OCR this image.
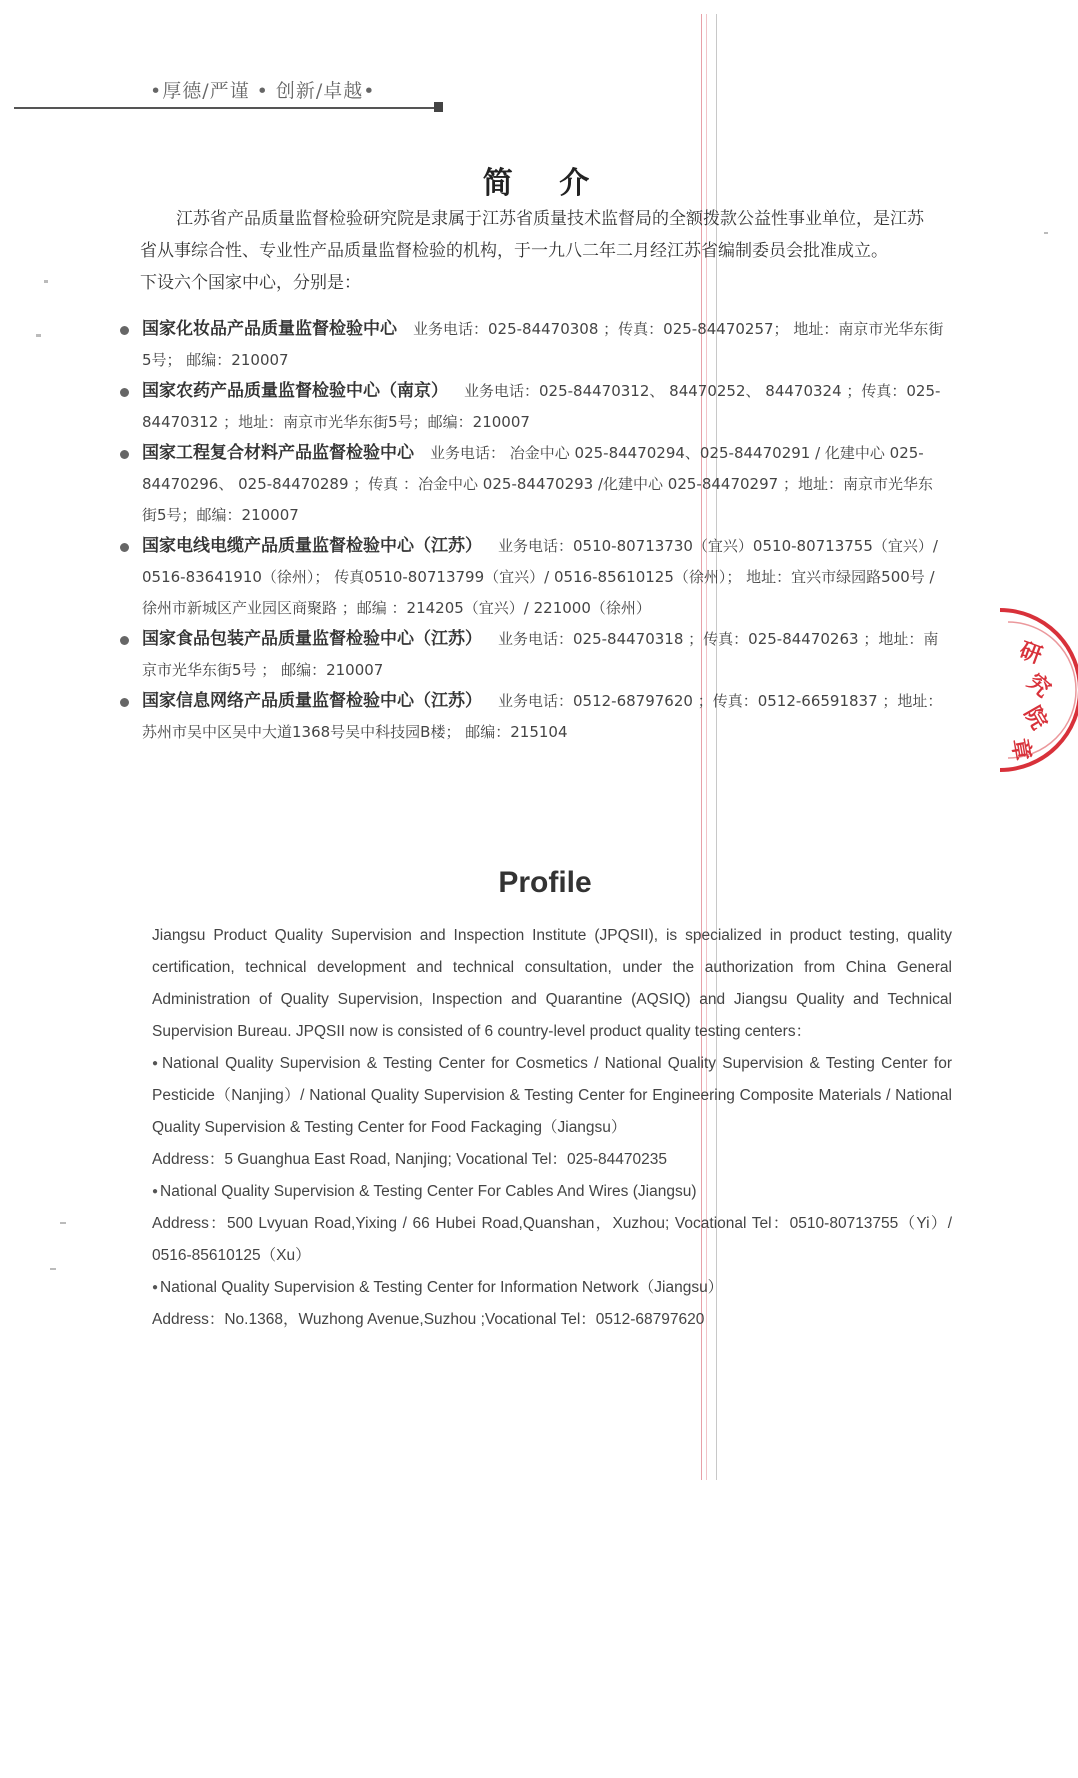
•厚德/严谨 • 创新/卓越•
简 介

江苏省产品质量监督检验研究院是隶属于江苏省质量技术监督局的全额拨款公益性事业单位，是江苏省从事综合性、专业性产品质量监督检验的机构，于一九八二年二月经江苏省编制委员会批准成立。

下设六个国家中心，分别是：

国家化妆品产品质量监督检验中心 业务电话：025-84470308 ；传真：025-84470257； 地址：南京市光华东街5号； 邮编：210007
国家农药产品质量监督检验中心（南京） 业务电话：025-84470312、 84470252、 84470324 ；传真：025-84470312 ；地址：南京市光华东街5号；邮编：210007
国家工程复合材料产品监督检验中心 业务电话： 冶金中心 025-84470294、025-84470291 / 化建中心 025-84470296、 025-84470289 ；传真 ：冶金中心 025-84470293 /化建中心 025-84470297 ；地址：南京市光华东街5号；邮编：210007
国家电线电缆产品质量监督检验中心（江苏） 业务电话：0510-80713730（宜兴）0510-80713755（宜兴）/ 0516-83641910（徐州）； 传真0510-80713799（宜兴）/ 0516-85610125（徐州）； 地址：宜兴市绿园路500号 / 徐州市新城区产业园区商聚路 ；邮编 ：214205（宜兴）/ 221000（徐州）
国家食品包装产品质量监督检验中心（江苏） 业务电话：025-84470318 ；传真：025-84470263 ；地址：南京市光华东街5号 ； 邮编：210007
国家信息网络产品质量监督检验中心（江苏） 业务电话：0512-68797620 ；传真：0512-66591837 ；地址：苏州市吴中区吴中大道1368号吴中科技园B楼； 邮编：215104
研
究
院
章
Profile

Jiangsu Product Quality Supervision and Inspection Institute (JPQSII), is specialized in product testing, quality certification, technical development and technical consultation, under the authorization from China General Administration of Quality Supervision, Inspection and Quarantine (AQSIQ) and Jiangsu Quality and Technical Supervision Bureau. JPQSII now is consisted of 6 country-level product quality testing centers：

● National Quality Supervision & Testing Center for Cosmetics / National Quality Supervision & Testing Center for Pesticide（Nanjing）/ National Quality Supervision & Testing Center for Engineering Composite Materials / National Quality Supervision & Testing Center for Food Fackaging（Jiangsu）

Address：5 Guanghua East Road, Nanjing; Vocational Tel：025-84470235

● National Quality Supervision & Testing Center For Cables And Wires (Jiangsu)

Address：500 Lvyuan Road,Yixing / 66 Hubei Road,Quanshan，Xuzhou; Vocational Tel：0510-80713755（Yi）/ 0516-85610125（Xu）

● National Quality Supervision & Testing Center for Information Network（Jiangsu）

Address：No.1368，Wuzhong Avenue,Suzhou ;Vocational Tel：0512-68797620
